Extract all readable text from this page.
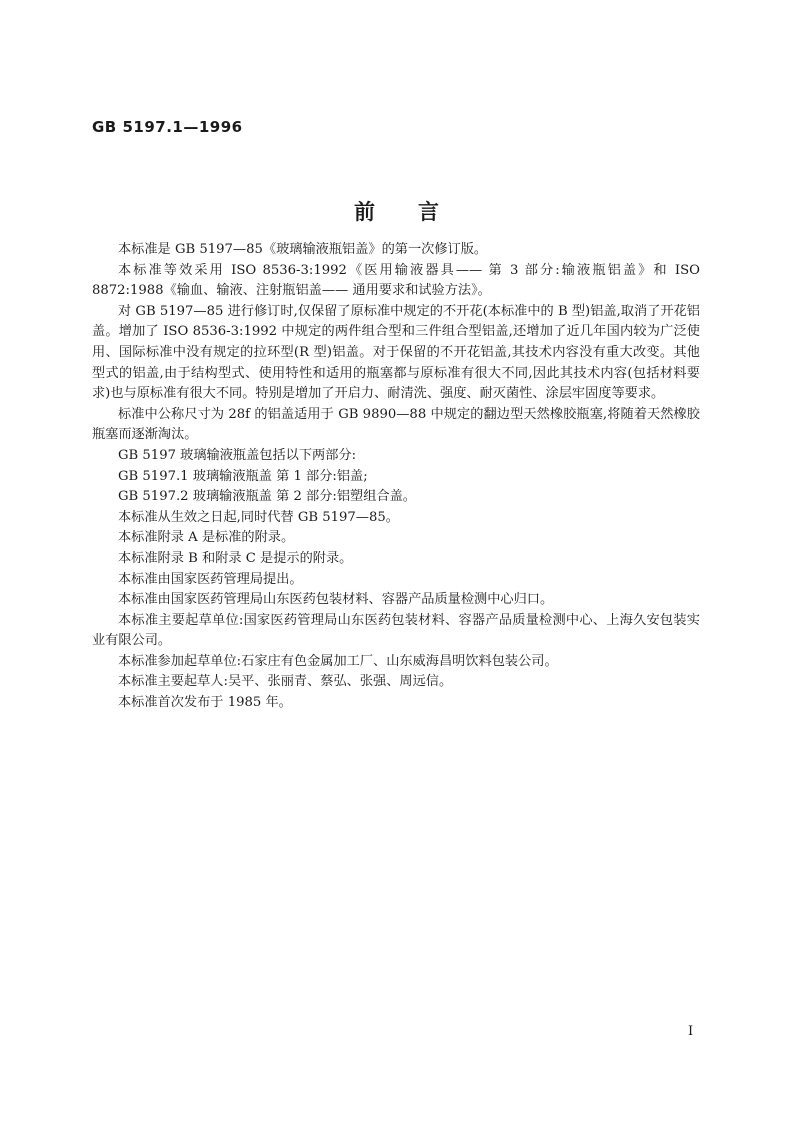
GB 5197.1—1996
前 言

本标准是 GB 5197—85《玻璃输液瓶铝盖》的第一次修订版。

本标准等效采用 ISO 8536-3:1992《医用输液器具—— 第 3 部分:输液瓶铝盖》和 ISO 8872:1988《输血、输液、注射瓶铝盖—— 通用要求和试验方法》。

对 GB 5197—85 进行修订时,仅保留了原标准中规定的不开花(本标准中的 B 型)铝盖,取消了开花铝盖。增加了 ISO 8536-3:1992 中规定的两件组合型和三件组合型铝盖,还增加了近几年国内较为广泛使用、国际标准中没有规定的拉环型(R 型)铝盖。对于保留的不开花铝盖,其技术内容没有重大改变。其他型式的铝盖,由于结构型式、使用特性和适用的瓶塞都与原标准有很大不同,因此其技术内容(包括材料要求)也与原标准有很大不同。特别是增加了开启力、耐清洗、强度、耐灭菌性、涂层牢固度等要求。

标准中公称尺寸为 28f 的铝盖适用于 GB 9890—88 中规定的翻边型天然橡胶瓶塞,将随着天然橡胶瓶塞而逐渐淘汰。

GB 5197 玻璃输液瓶盖包括以下两部分:

GB 5197.1 玻璃输液瓶盖 第 1 部分:铝盖;

GB 5197.2 玻璃输液瓶盖 第 2 部分:铝塑组合盖。

本标准从生效之日起,同时代替 GB 5197—85。

本标准附录 A 是标准的附录。

本标准附录 B 和附录 C 是提示的附录。

本标准由国家医药管理局提出。

本标准由国家医药管理局山东医药包装材料、容器产品质量检测中心归口。

本标准主要起草单位:国家医药管理局山东医药包装材料、容器产品质量检测中心、上海久安包装实业有限公司。

本标准参加起草单位:石家庄有色金属加工厂、山东威海昌明饮料包装公司。

本标准主要起草人:吴平、张丽青、蔡弘、张强、周远信。

本标准首次发布于 1985 年。

I
